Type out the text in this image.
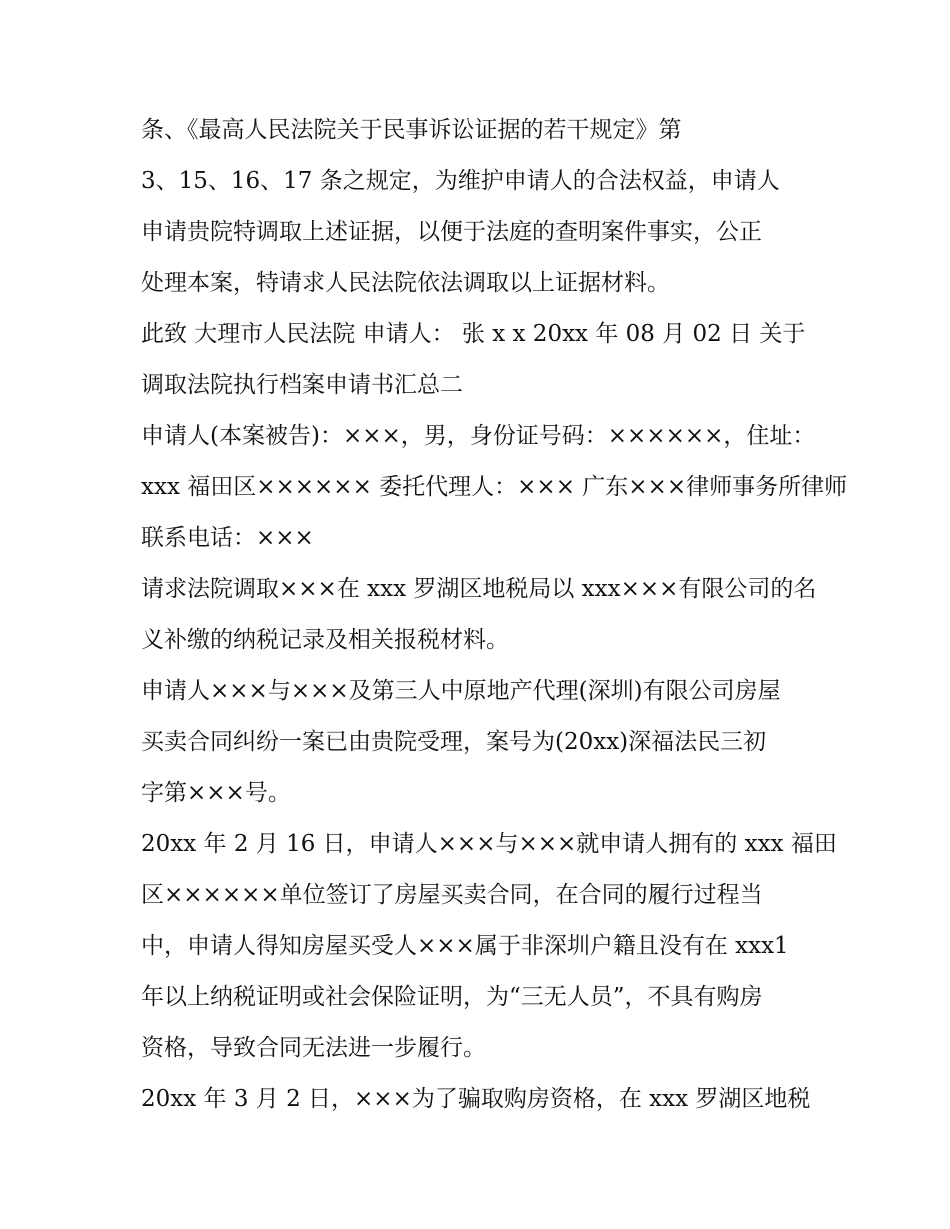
条、《最高人民法院关于民事诉讼证据的若干规定》第
3、15、16、17 条之规定，为维护申请人的合法权益，申请人
申请贵院特调取上述证据，以便于法庭的查明案件事实，公正
处理本案，特请求人民法院依法调取以上证据材料。
此致 大理市人民法院 申请人： 张 x x 20xx 年 08 月 02 日 关于
调取法院执行档案申请书汇总二
申请人(本案被告)：×××，男，身份证号码：××××××，住址：
xxx 福田区×××××× 委托代理人：××× 广东×××律师事务所律师
联系电话：×××
请求法院调取×××在 xxx 罗湖区地税局以 xxx×××有限公司的名
义补缴的纳税记录及相关报税材料。
申请人×××与×××及第三人中原地产代理(深圳)有限公司房屋
买卖合同纠纷一案已由贵院受理，案号为(20xx)深福法民三初
字第×××号。
20xx 年 2 月 16 日，申请人×××与×××就申请人拥有的 xxx 福田
区××××××单位签订了房屋买卖合同，在合同的履行过程当
中，申请人得知房屋买受人×××属于非深圳户籍且没有在 xxx1
年以上纳税证明或社会保险证明，为“三无人员”，不具有购房
资格，导致合同无法进一步履行。
20xx 年 3 月 2 日，×××为了骗取购房资格，在 xxx 罗湖区地税
